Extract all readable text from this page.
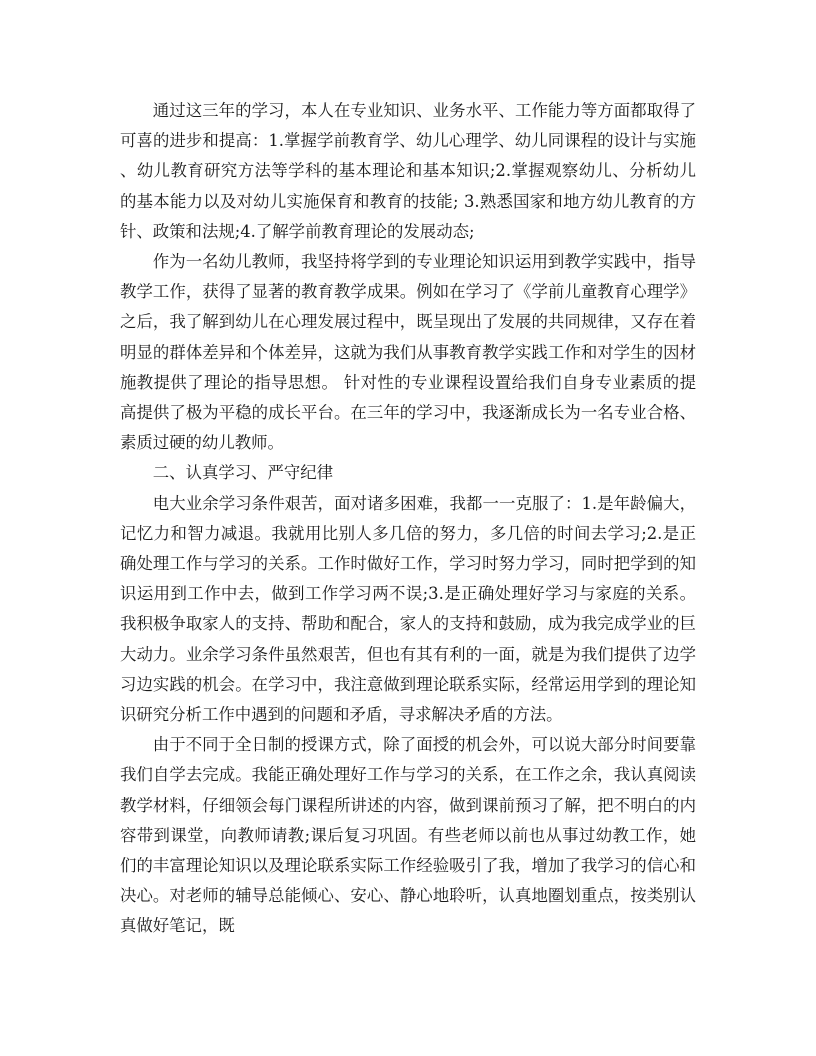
通过这三年的学习，本人在专业知识、业务水平、工作能力等方面都取得了可喜的进步和提高：1.掌握学前教育学、幼儿心理学、幼儿同课程的设计与实施、幼儿教育研究方法等学科的基本理论和基本知识;2.掌握观察幼儿、分析幼儿的基本能力以及对幼儿实施保育和教育的技能; 3.熟悉国家和地方幼儿教育的方针、政策和法规;4.了解学前教育理论的发展动态;

作为一名幼儿教师，我坚持将学到的专业理论知识运用到教学实践中，指导教学工作，获得了显著的教育教学成果。例如在学习了《学前儿童教育心理学》之后，我了解到幼儿在心理发展过程中，既呈现出了发展的共同规律，又存在着明显的群体差异和个体差异，这就为我们从事教育教学实践工作和对学生的因材施教提供了理论的指导思想。 针对性的专业课程设置给我们自身专业素质的提高提供了极为平稳的成长平台。在三年的学习中，我逐渐成长为一名专业合格、素质过硬的幼儿教师。

二、认真学习、严守纪律

电大业余学习条件艰苦，面对诸多困难，我都一一克服了：1.是年龄偏大，记忆力和智力减退。我就用比别人多几倍的努力，多几倍的时间去学习;2.是正确处理工作与学习的关系。工作时做好工作，学习时努力学习，同时把学到的知识运用到工作中去，做到工作学习两不误;3.是正确处理好学习与家庭的关系。我积极争取家人的支持、帮助和配合，家人的支持和鼓励，成为我完成学业的巨大动力。业余学习条件虽然艰苦，但也有其有利的一面，就是为我们提供了边学习边实践的机会。在学习中，我注意做到理论联系实际，经常运用学到的理论知识研究分析工作中遇到的问题和矛盾，寻求解决矛盾的方法。

由于不同于全日制的授课方式，除了面授的机会外，可以说大部分时间要靠我们自学去完成。我能正确处理好工作与学习的关系，在工作之余，我认真阅读教学材料，仔细领会每门课程所讲述的内容，做到课前预习了解，把不明白的内容带到课堂，向教师请教;课后复习巩固。有些老师以前也从事过幼教工作，她们的丰富理论知识以及理论联系实际工作经验吸引了我，增加了我学习的信心和决心。对老师的辅导总能倾心、安心、静心地聆听，认真地圈划重点，按类别认真做好笔记，既
